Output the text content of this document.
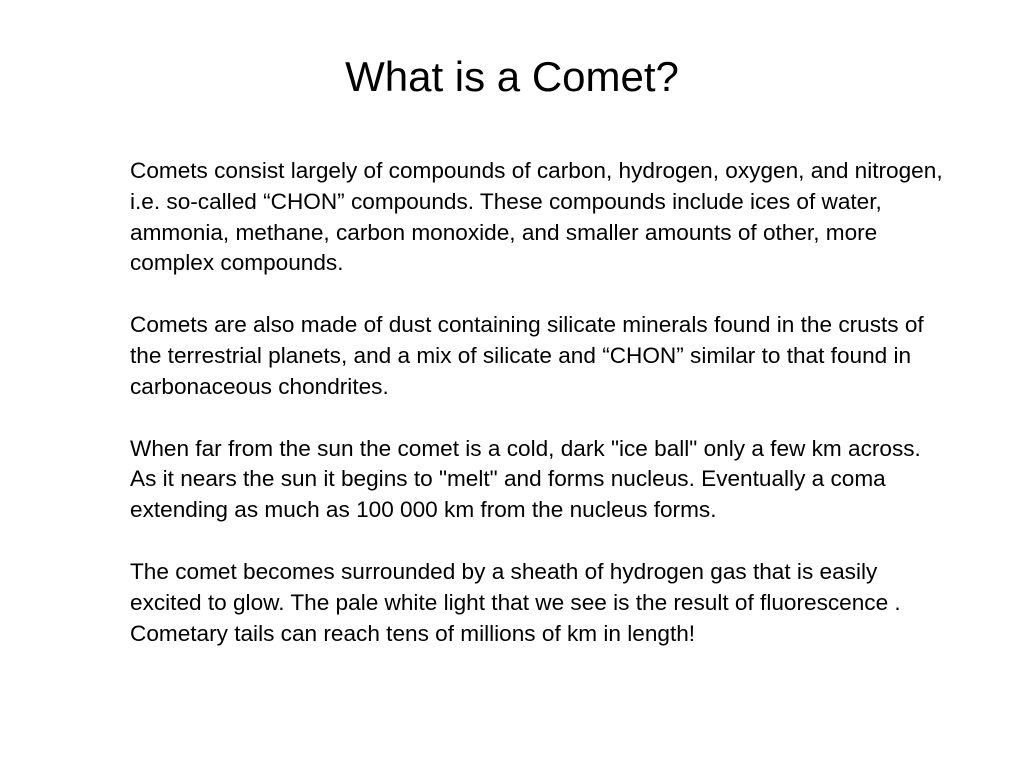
What is a Comet?

Comets consist largely of compounds of carbon, hydrogen, oxygen, and nitrogen, i.e. so-called “CHON” compounds. These compounds include ices of water, ammonia, methane, carbon monoxide, and smaller amounts of other, more complex compounds.

Comets are also made of dust containing silicate minerals found in the crusts of the terrestrial planets, and a mix of silicate and “CHON” similar to that found in carbonaceous chondrites.

When far from the sun the comet is a cold, dark "ice ball" only a few km across. As it nears the sun it begins to "melt" and forms nucleus. Eventually a coma extending as much as 100 000 km from the nucleus forms.

The comet becomes surrounded by a sheath of hydrogen gas that is easily excited to glow. The pale white light that we see is the result of fluorescence . Cometary tails can reach tens of millions of km in length!
